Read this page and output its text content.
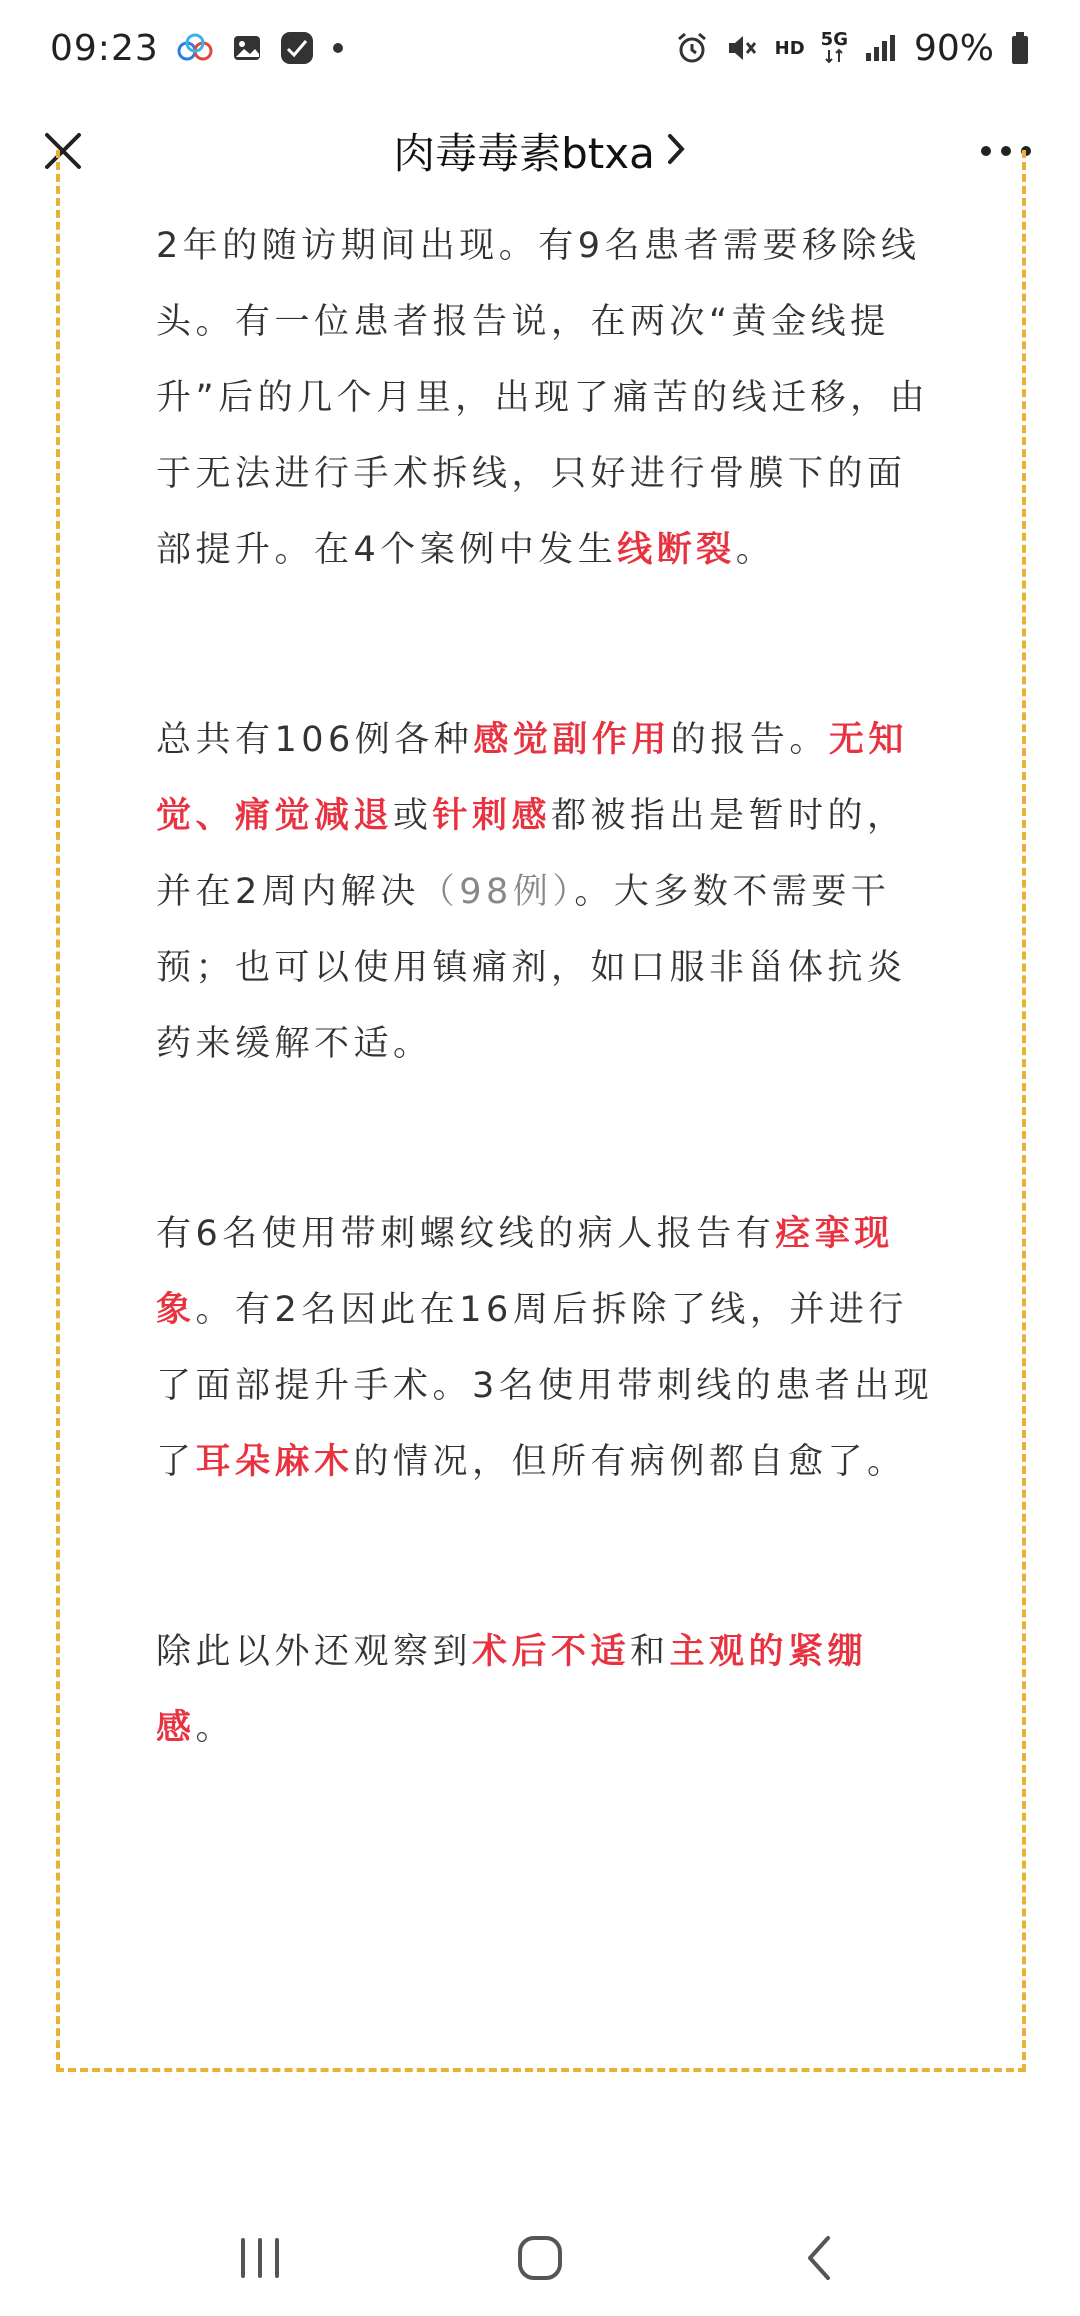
09:23	HD 5G 90%
肉毒毒素btxa

2年的随访期间出现。有9名患者需要移除线头。有一位患者报告说，在两次“黄金线提升”后的几个月里，出现了痛苦的线迁移，由于无法进行手术拆线，只好进行骨膜下的面部提升。在4个案例中发生线断裂。

总共有106例各种感觉副作用的报告。无知觉、痛觉减退或针刺感都被指出是暂时的，并在2周内解决（98例）。大多数不需要干预；也可以使用镇痛剂，如口服非甾体抗炎药来缓解不适。

有6名使用带刺螺纹线的病人报告有痉挛现象。有2名因此在16周后拆除了线，并进行了面部提升手术。3名使用带刺线的患者出现了耳朵麻木的情况，但所有病例都自愈了。

除此以外还观察到术后不适和主观的紧绷感。
